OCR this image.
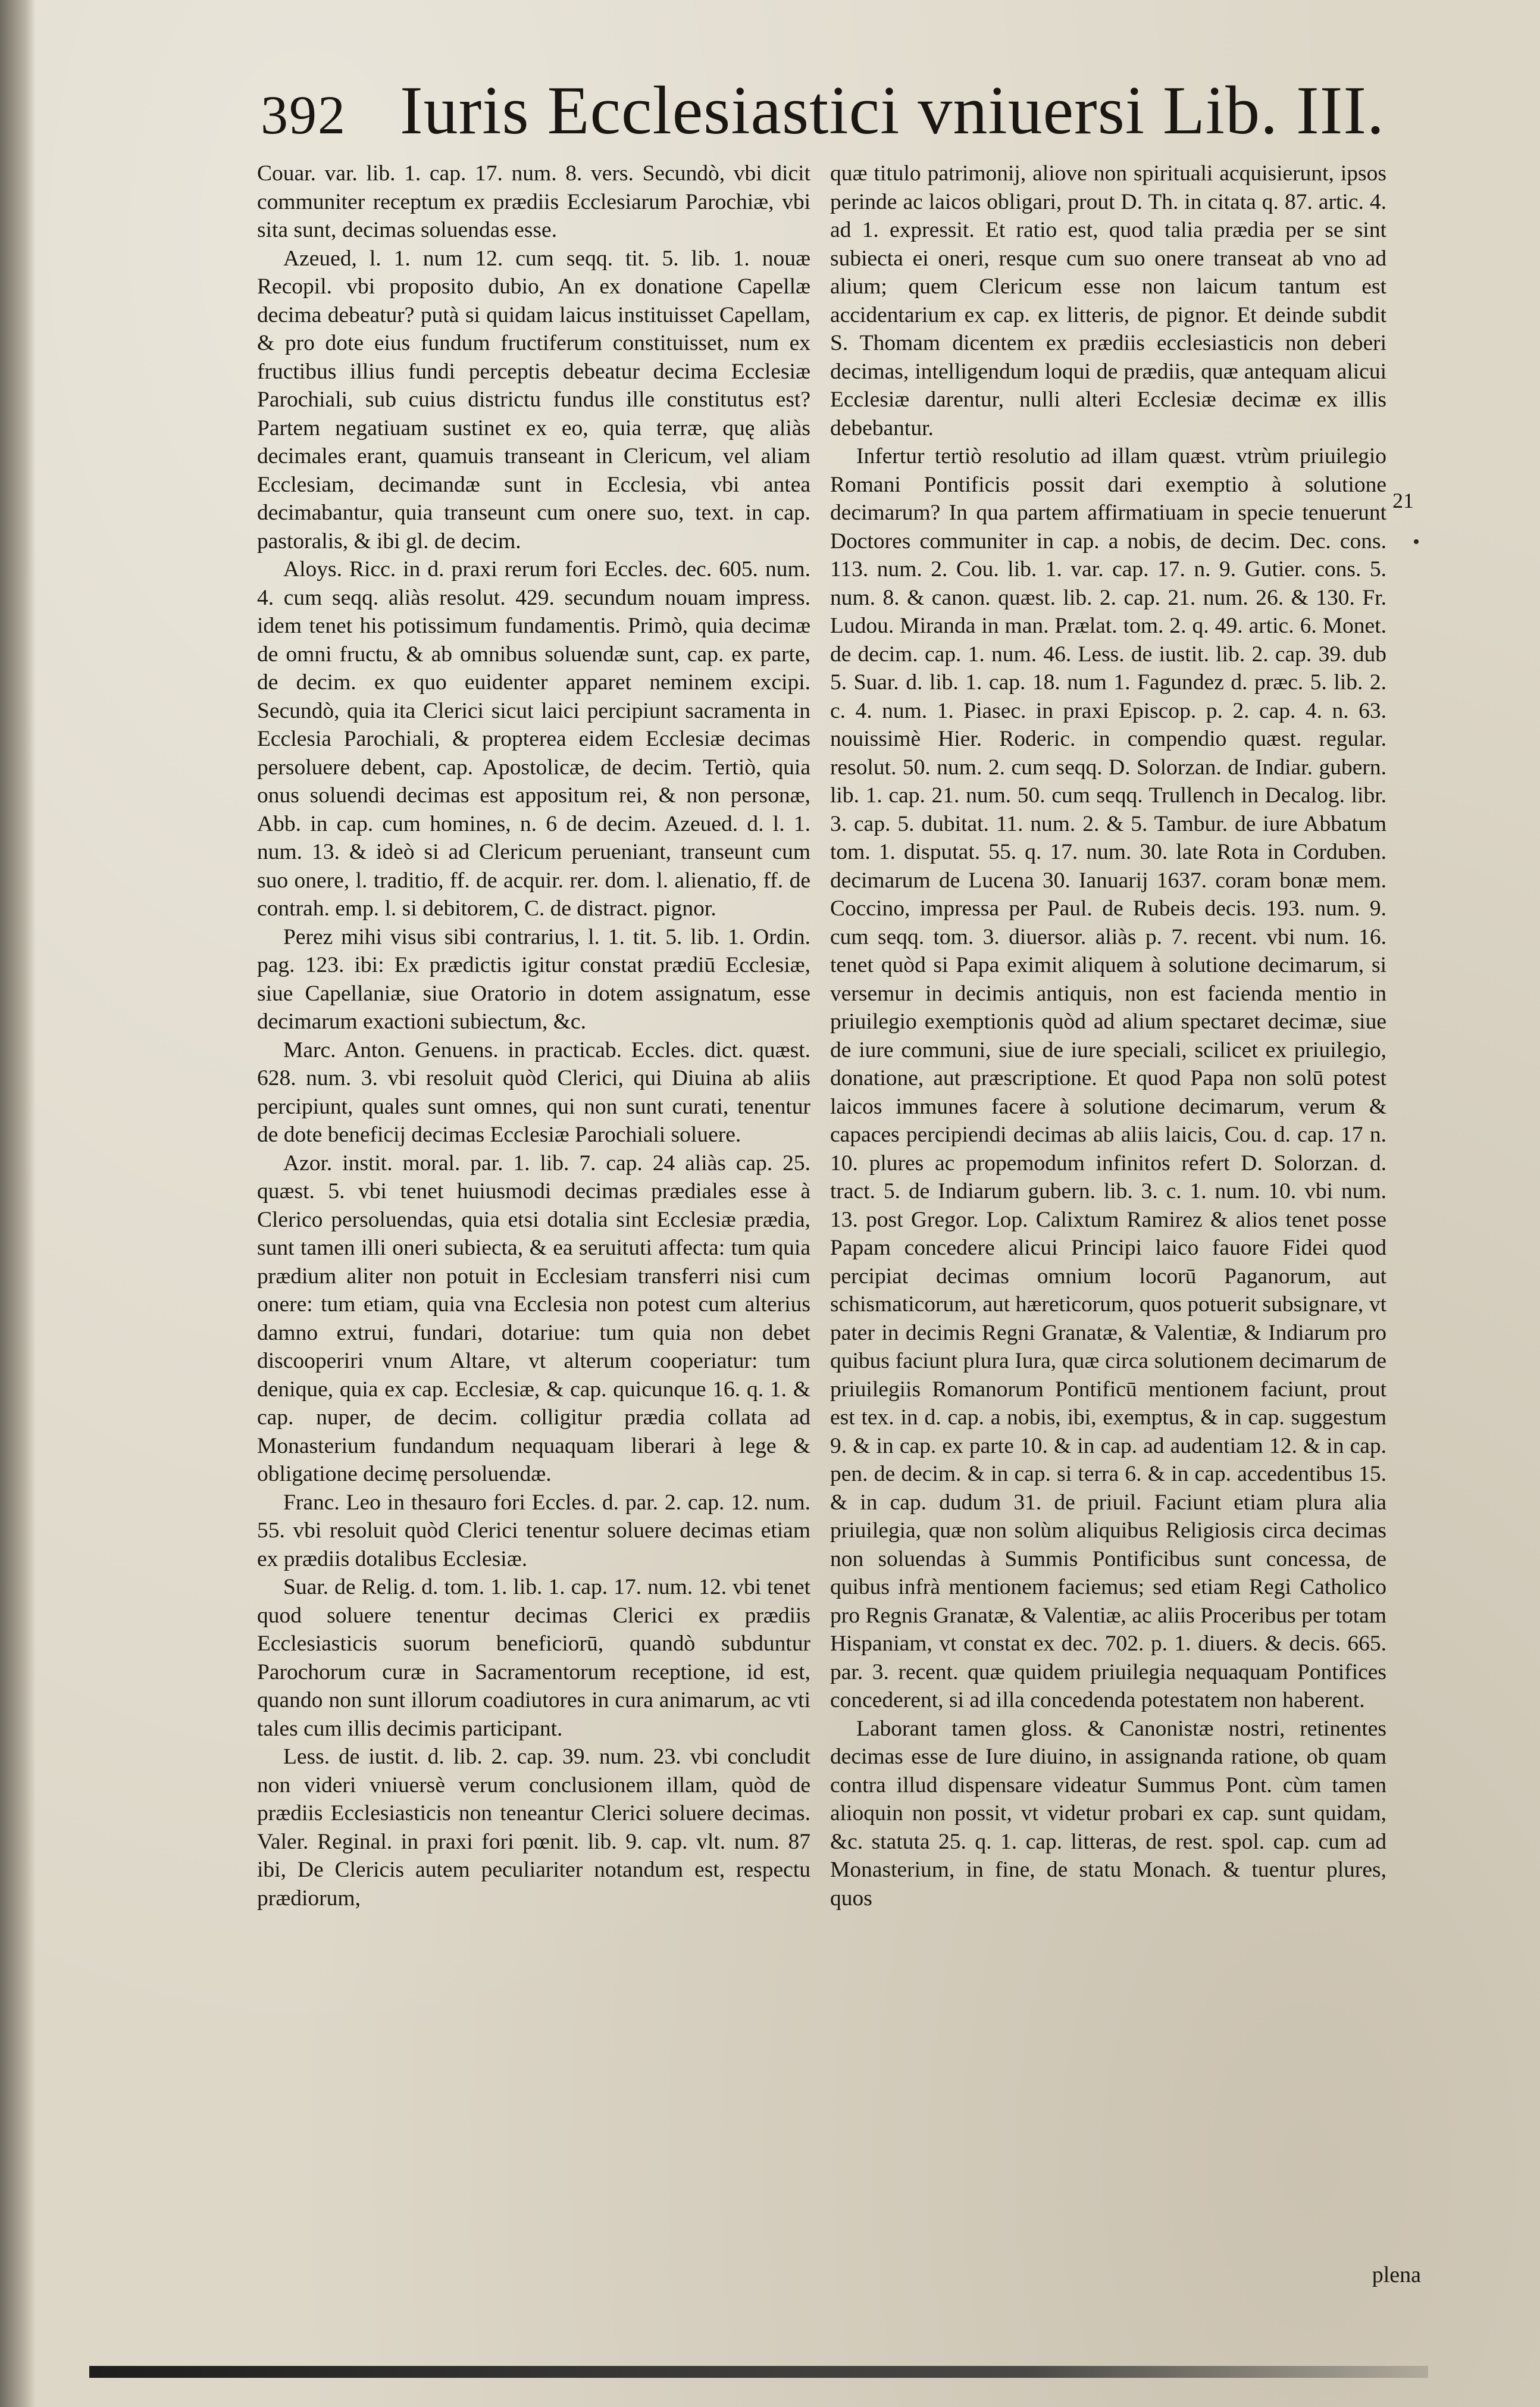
392 Iuris Ecclesiastici vniuersi Lib. III.

Couar. var. lib. 1. cap. 17. num. 8. vers. Secundò, vbi dicit communiter receptum ex prædiis Ecclesiarum Parochiæ, vbi sita sunt, decimas soluendas esse.

Azeued, l. 1. num 12. cum seqq. tit. 5. lib. 1. nouæ Recopil. vbi proposito dubio, An ex donatione Capellæ decima debeatur? putà si quidam laicus instituisset Capellam, & pro dote eius fundum fructiferum constituisset, num ex fructibus illius fundi perceptis debeatur decima Ecclesiæ Parochiali, sub cuius districtu fundus ille constitutus est? Partem negatiuam sustinet ex eo, quia terræ, quę aliàs decimales erant, quamuis transeant in Clericum, vel aliam Ecclesiam, decimandæ sunt in Ecclesia, vbi antea decimabantur, quia transeunt cum onere suo, text. in cap. pastoralis, & ibi gl. de decim.

Aloys. Ricc. in d. praxi rerum fori Eccles. dec. 605. num. 4. cum seqq. aliàs resolut. 429. secundum nouam impress. idem tenet his potissimum fundamentis. Primò, quia decimæ de omni fructu, & ab omnibus soluendæ sunt, cap. ex parte, de decim. ex quo euidenter apparet neminem excipi. Secundò, quia ita Clerici sicut laici percipiunt sacramenta in Ecclesia Parochiali, & propterea eidem Ecclesiæ decimas persoluere debent, cap. Apostolicæ, de decim. Tertiò, quia onus soluendi decimas est appositum rei, & non personæ, Abb. in cap. cum homines, n. 6 de decim. Azeued. d. l. 1. num. 13. & ideò si ad Clericum perueniant, transeunt cum suo onere, l. traditio, ff. de acquir. rer. dom. l. alienatio, ff. de contrah. emp. l. si debitorem, C. de distract. pignor.

Perez mihi visus sibi contrarius, l. 1. tit. 5. lib. 1. Ordin. pag. 123. ibi: Ex prædictis igitur constat prædiū Ecclesiæ, siue Capellaniæ, siue Oratorio in dotem assignatum, esse decimarum exactioni subiectum, &c.

Marc. Anton. Genuens. in practicab. Eccles. dict. quæst. 628. num. 3. vbi resoluit quòd Clerici, qui Diuina ab aliis percipiunt, quales sunt omnes, qui non sunt curati, tenentur de dote beneficij decimas Ecclesiæ Parochiali soluere.

Azor. instit. moral. par. 1. lib. 7. cap. 24 aliàs cap. 25. quæst. 5. vbi tenet huiusmodi decimas prædiales esse à Clerico persoluendas, quia etsi dotalia sint Ecclesiæ prædia, sunt tamen illi oneri subiecta, & ea seruituti affecta: tum quia prædium aliter non potuit in Ecclesiam transferri nisi cum onere: tum etiam, quia vna Ecclesia non potest cum alterius damno extrui, fundari, dotariue: tum quia non debet discooperiri vnum Altare, vt alterum cooperiatur: tum denique, quia ex cap. Ecclesiæ, & cap. quicunque 16. q. 1. & cap. nuper, de decim. colligitur prædia collata ad Monasterium fundandum nequaquam liberari à lege & obligatione decimę persoluendæ.

Franc. Leo in thesauro fori Eccles. d. par. 2. cap. 12. num. 55. vbi resoluit quòd Clerici tenentur soluere decimas etiam ex prædiis dotalibus Ecclesiæ.

Suar. de Relig. d. tom. 1. lib. 1. cap. 17. num. 12. vbi tenet quod soluere tenentur decimas Clerici ex prædiis Ecclesiasticis suorum beneficiorū, quandò subduntur Parochorum curæ in Sacramentorum receptione, id est, quando non sunt illorum coadiutores in cura animarum, ac vti tales cum illis decimis participant.

Less. de iustit. d. lib. 2. cap. 39. num. 23. vbi concludit non videri vniuersè verum conclusionem illam, quòd de prædiis Ecclesiasticis non teneantur Clerici soluere decimas. Valer. Reginal. in praxi fori pœnit. lib. 9. cap. vlt. num. 87 ibi, De Clericis autem peculiariter notandum est, respectu prædiorum,

quæ titulo patrimonij, aliove non spirituali acquisierunt, ipsos perinde ac laicos obligari, prout D. Th. in citata q. 87. artic. 4. ad 1. expressit. Et ratio est, quod talia prædia per se sint subiecta ei oneri, resque cum suo onere transeat ab vno ad alium; quem Clericum esse non laicum tantum est accidentarium ex cap. ex litteris, de pignor. Et deinde subdit S. Thomam dicentem ex prædiis ecclesiasticis non deberi decimas, intelligendum loqui de prædiis, quæ antequam alicui Ecclesiæ darentur, nulli alteri Ecclesiæ decimæ ex illis debebantur.

Infertur tertiò resolutio ad illam quæst. vtrùm priuilegio Romani Pontificis possit dari exemptio à solutione decimarum? In qua partem affirmatiuam in specie tenuerunt Doctores communiter in cap. a nobis, de decim. Dec. cons. 113. num. 2. Cou. lib. 1. var. cap. 17. n. 9. Gutier. cons. 5. num. 8. & canon. quæst. lib. 2. cap. 21. num. 26. & 130. Fr. Ludou. Miranda in man. Prælat. tom. 2. q. 49. artic. 6. Monet. de decim. cap. 1. num. 46. Less. de iustit. lib. 2. cap. 39. dub 5. Suar. d. lib. 1. cap. 18. num 1. Fagundez d. præc. 5. lib. 2. c. 4. num. 1. Piasec. in praxi Episcop. p. 2. cap. 4. n. 63. nouissimè Hier. Roderic. in compendio quæst. regular. resolut. 50. num. 2. cum seqq. D. Solorzan. de Indiar. gubern. lib. 1. cap. 21. num. 50. cum seqq. Trullench in Decalog. libr. 3. cap. 5. dubitat. 11. num. 2. & 5. Tambur. de iure Abbatum tom. 1. disputat. 55. q. 17. num. 30. late Rota in Corduben. decimarum de Lucena 30. Ianuarij 1637. coram bonæ mem. Coccino, impressa per Paul. de Rubeis decis. 193. num. 9. cum seqq. tom. 3. diuersor. aliàs p. 7. recent. vbi num. 16. tenet quòd si Papa eximit aliquem à solutione decimarum, si versemur in decimis antiquis, non est facienda mentio in priuilegio exemptionis quòd ad alium spectaret decimæ, siue de iure communi, siue de iure speciali, scilicet ex priuilegio, donatione, aut præscriptione. Et quod Papa non solū potest laicos immunes facere à solutione decimarum, verum & capaces percipiendi decimas ab aliis laicis, Cou. d. cap. 17 n. 10. plures ac propemodum infinitos refert D. Solorzan. d. tract. 5. de Indiarum gubern. lib. 3. c. 1. num. 10. vbi num. 13. post Gregor. Lop. Calixtum Ramirez & alios tenet posse Papam concedere alicui Principi laico fauore Fidei quod percipiat decimas omnium locorū Paganorum, aut schismaticorum, aut hæreticorum, quos potuerit subsignare, vt pater in decimis Regni Granatæ, & Valentiæ, & Indiarum pro quibus faciunt plura Iura, quæ circa solutionem decimarum de priuilegiis Romanorum Pontificū mentionem faciunt, prout est tex. in d. cap. a nobis, ibi, exemptus, & in cap. suggestum 9. & in cap. ex parte 10. & in cap. ad audentiam 12. & in cap. pen. de decim. & in cap. si terra 6. & in cap. accedentibus 15. & in cap. dudum 31. de priuil. Faciunt etiam plura alia priuilegia, quæ non solùm aliquibus Religiosis circa decimas non soluendas à Summis Pontificibus sunt concessa, de quibus infrà mentionem faciemus; sed etiam Regi Catholico pro Regnis Granatæ, & Valentiæ, ac aliis Proceribus per totam Hispaniam, vt constat ex dec. 702. p. 1. diuers. & decis. 665. par. 3. recent. quæ quidem priuilegia nequaquam Pontifices concederent, si ad illa concedenda potestatem non haberent.

Laborant tamen gloss. & Canonistæ nostri, retinentes decimas esse de Iure diuino, in assignanda ratione, ob quam contra illud dispensare videatur Summus Pont. cùm tamen alioquin non possit, vt videtur probari ex cap. sunt quidam, &c. statuta 25. q. 1. cap. litteras, de rest. spol. cap. cum ad Monasterium, in fine, de statu Monach. & tuentur plures, quos

21
plena
